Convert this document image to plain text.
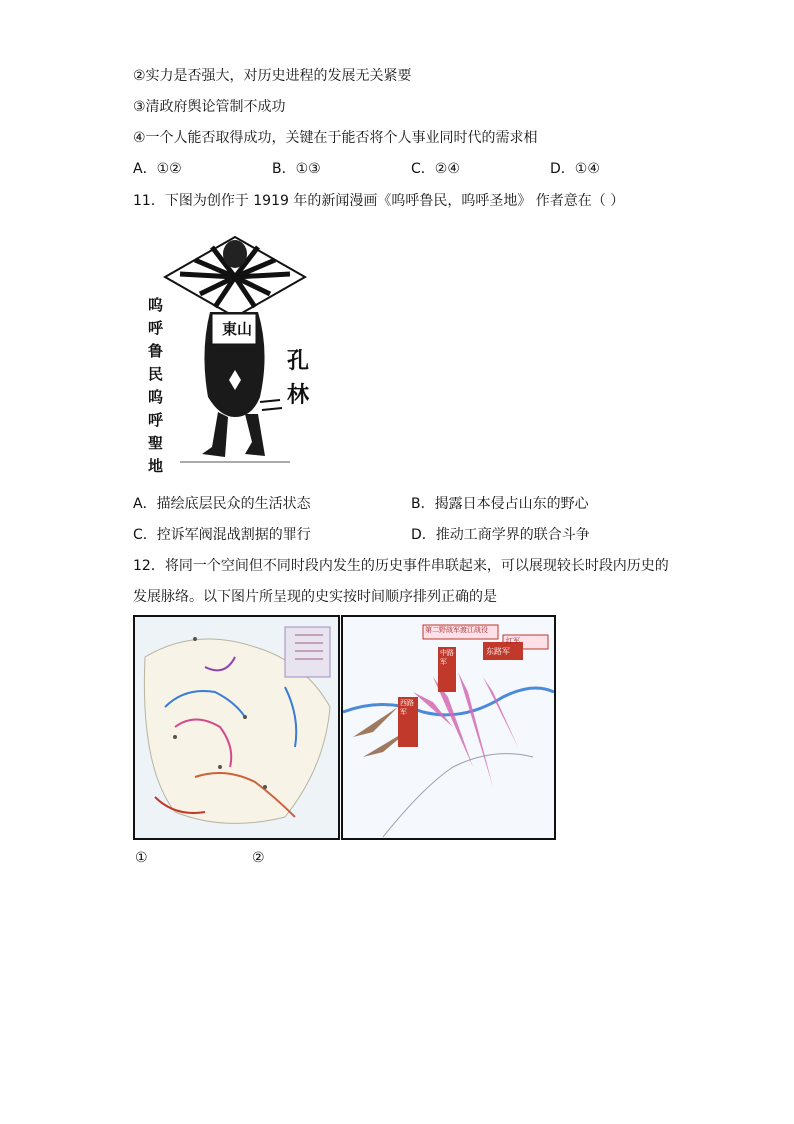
②实力是否强大，对历史进程的发展无关紧要
③清政府舆论管制不成功
④一个人能否取得成功，关键在于能否将个人事业同时代的需求相
A．①②	B．①③	C．②④	D．①④
11．下图为创作于 1919 年的新闻漫画《呜呼鲁民，呜呼圣地》 作者意在（ ）
東山
呜
呼
鲁
民
呜
呼
聖
地
孔
林
A．描绘底层民众的生活状态	B．揭露日本侵占山东的野心
C．控诉军阀混战割据的罪行	D．推动工商学界的联合斗争
12．将同一个空间但不同时段内发生的历史事件串联起来，可以展现较长时段内历史的
发展脉络。以下图片所呈现的史实按时间顺序排列正确的是
第二野战军渡江战役
红军
西路军
中路军
东路军
①	②
